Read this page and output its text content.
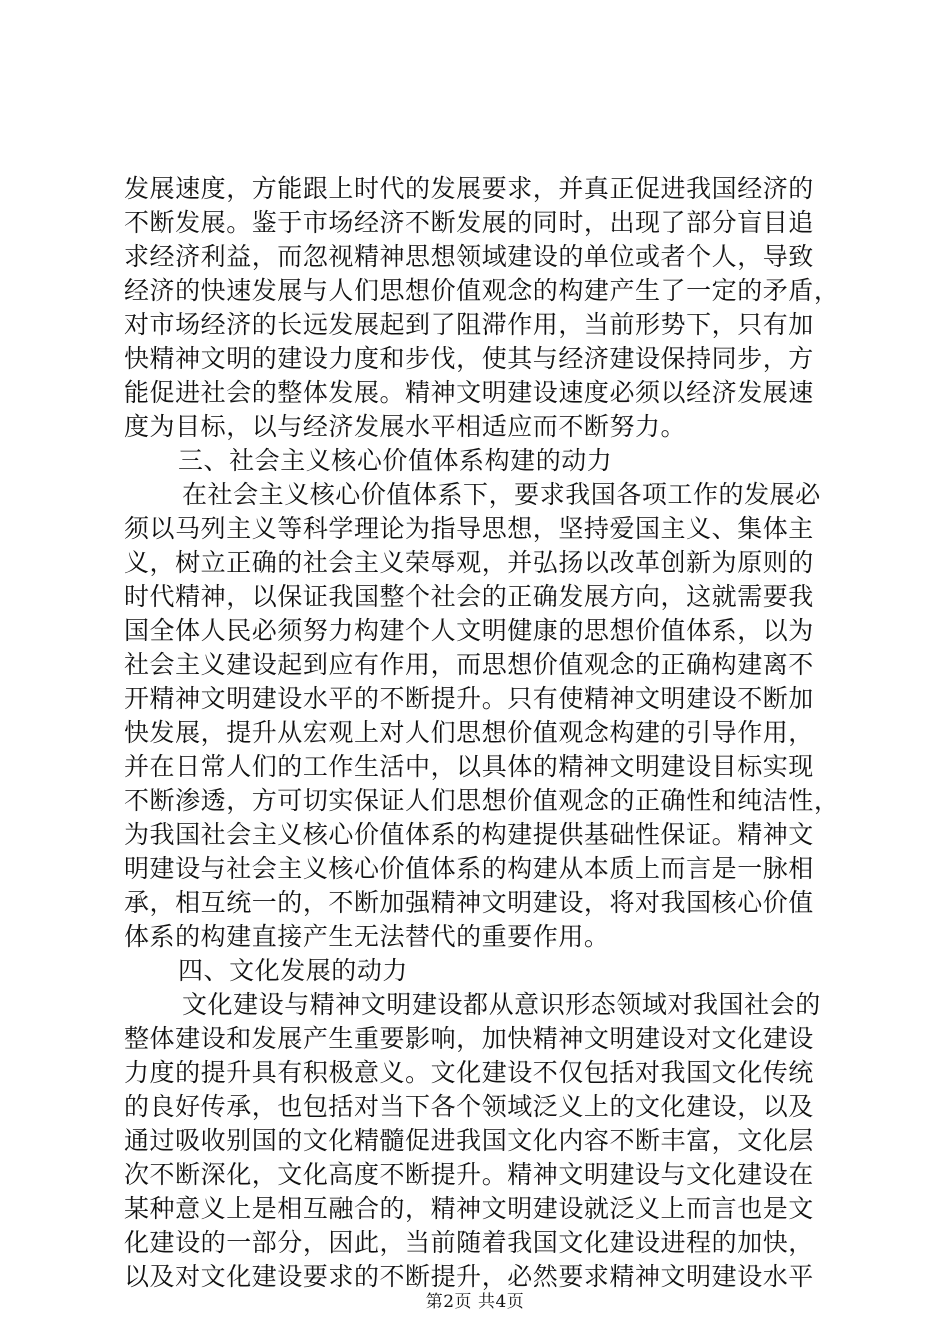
发展速度，方能跟上时代的发展要求，并真正促进我国经济的
不断发展。鉴于市场经济不断发展的同时，出现了部分盲目追
求经济利益，而忽视精神思想领域建设的单位或者个人，导致
经济的快速发展与人们思想价值观念的构建产生了一定的矛盾，
对市场经济的长远发展起到了阻滞作用，当前形势下，只有加
快精神文明的建设力度和步伐，使其与经济建设保持同步，方
能促进社会的整体发展。精神文明建设速度必须以经济发展速
度为目标，以与经济发展水平相适应而不断努力。
三、社会主义核心价值体系构建的动力
在社会主义核心价值体系下，要求我国各项工作的发展必
须以马列主义等科学理论为指导思想，坚持爱国主义、集体主
义，树立正确的社会主义荣辱观，并弘扬以改革创新为原则的
时代精神，以保证我国整个社会的正确发展方向，这就需要我
国全体人民必须努力构建个人文明健康的思想价值体系，以为
社会主义建设起到应有作用，而思想价值观念的正确构建离不
开精神文明建设水平的不断提升。只有使精神文明建设不断加
快发展，提升从宏观上对人们思想价值观念构建的引导作用，
并在日常人们的工作生活中，以具体的精神文明建设目标实现
不断渗透，方可切实保证人们思想价值观念的正确性和纯洁性，
为我国社会主义核心价值体系的构建提供基础性保证。精神文
明建设与社会主义核心价值体系的构建从本质上而言是一脉相
承，相互统一的，不断加强精神文明建设，将对我国核心价值
体系的构建直接产生无法替代的重要作用。
四、文化发展的动力
文化建设与精神文明建设都从意识形态领域对我国社会的
整体建设和发展产生重要影响，加快精神文明建设对文化建设
力度的提升具有积极意义。文化建设不仅包括对我国文化传统
的良好传承，也包括对当下各个领域泛义上的文化建设，以及
通过吸收别国的文化精髓促进我国文化内容不断丰富，文化层
次不断深化，文化高度不断提升。精神文明建设与文化建设在
某种意义上是相互融合的，精神文明建设就泛义上而言也是文
化建设的一部分，因此，当前随着我国文化建设进程的加快，
以及对文化建设要求的不断提升，必然要求精神文明建设水平
第2页 共4页
